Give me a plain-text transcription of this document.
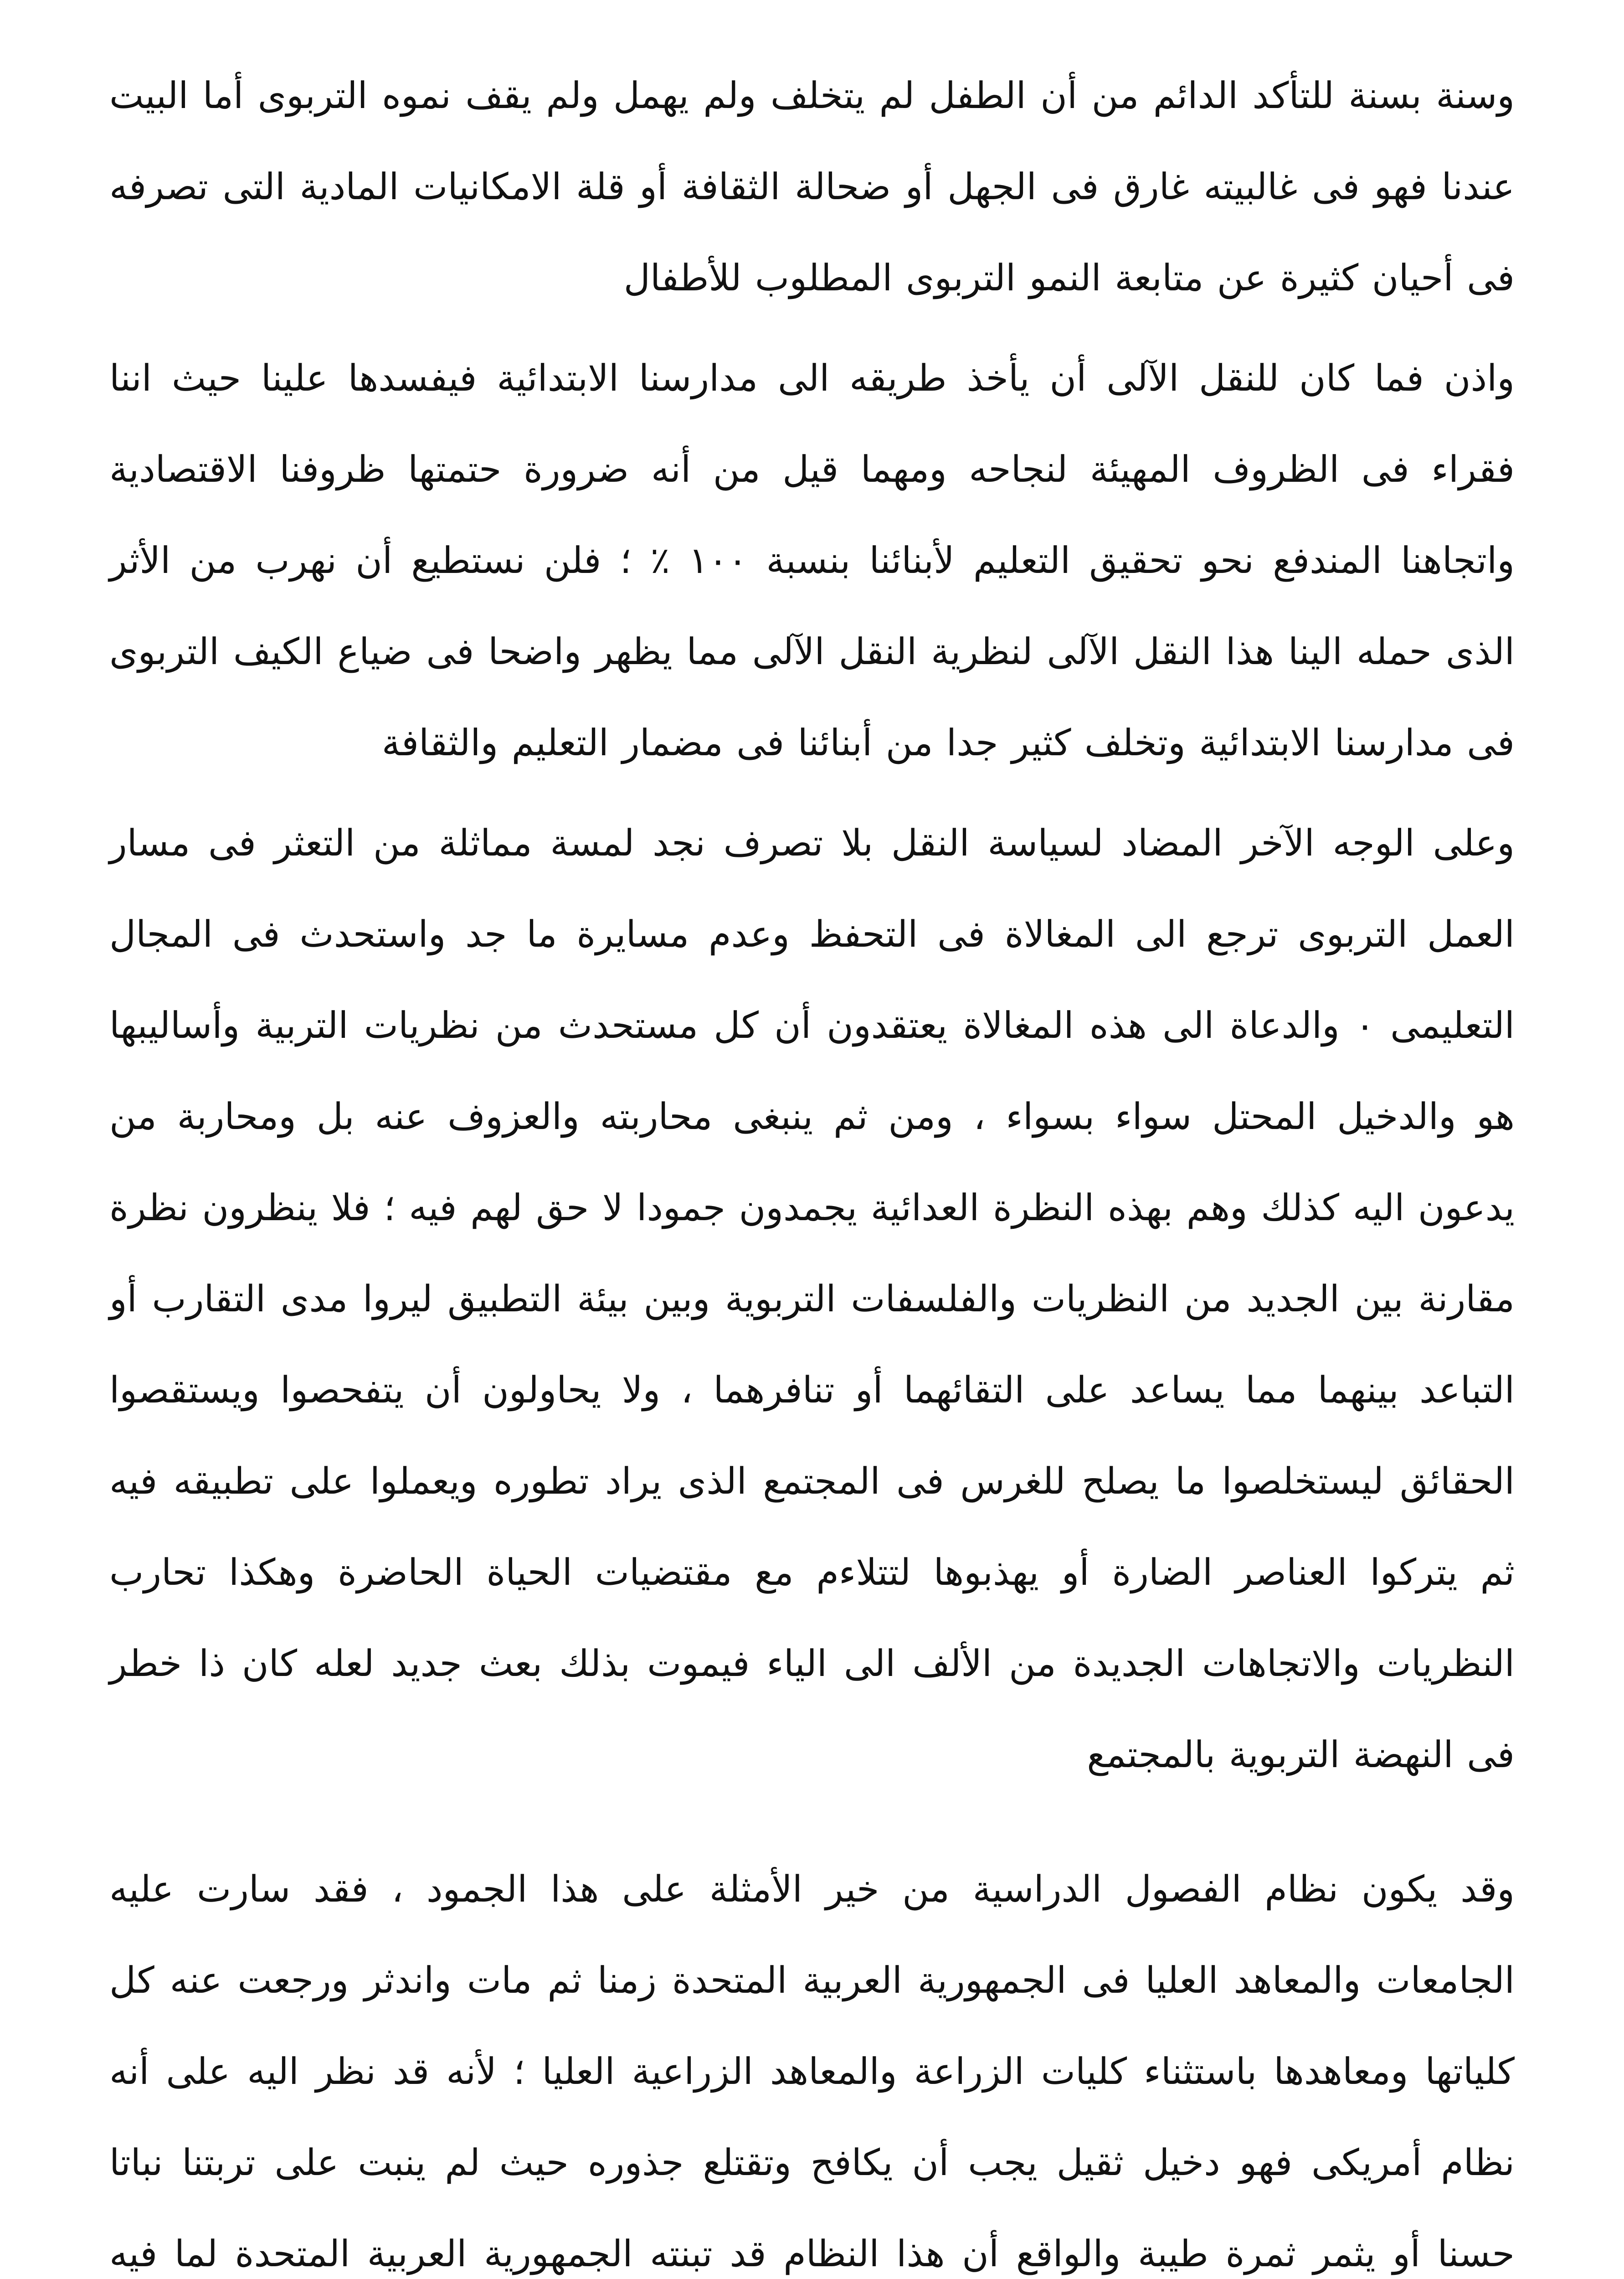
وسنة بسنة للتأكد الدائم من أن الطفل لم يتخلف ولم يهمل ولم يقف نموه التربوى أما البيت عندنا فهو فى غالبيته غارق فى الجهل أو ضحالة الثقافة أو قلة الامكانيات المادية التى تصرفه فى أحيان كثيرة عن متابعة النمو التربوى المطلوب للأطفال

واذن فما كان للنقل الآلى أن يأخذ طريقه الى مدارسنا الابتدائية فيفسدها علينا حيث اننا فقراء فى الظروف المهيئة لنجاحه ومهما قيل من أنه ضرورة حتمتها ظروفنا الاقتصادية واتجاهنا المندفع نحو تحقيق التعليم لأبنائنا بنسبة ١٠٠ ٪ ؛ فلن نستطيع أن نهرب من الأثر الذى حمله الينا هذا النقل الآلى لنظرية النقل الآلى مما يظهر واضحا فى ضياع الكيف التربوى فى مدارسنا الابتدائية وتخلف كثير جدا من أبنائنا فى مضمار التعليم والثقافة

وعلى الوجه الآخر المضاد لسياسة النقل بلا تصرف نجد لمسة مماثلة من التعثر فى مسار العمل التربوى ترجع الى المغالاة فى التحفظ وعدم مسايرة ما جد واستحدث فى المجال التعليمى ٠ والدعاة الى هذه المغالاة يعتقدون أن كل مستحدث من نظريات التربية وأساليبها هو والدخيل المحتل سواء بسواء ، ومن ثم ينبغى محاربته والعزوف عنه بل ومحاربة من يدعون اليه كذلك وهم بهذه النظرة العدائية يجمدون جمودا لا حق لهم فيه ؛ فلا ينظرون نظرة مقارنة بين الجديد من النظريات والفلسفات التربوية وبين بيئة التطبيق ليروا مدى التقارب أو التباعد بينهما مما يساعد على التقائهما أو تنافرهما ، ولا يحاولون أن يتفحصوا ويستقصوا الحقائق ليستخلصوا ما يصلح للغرس فى المجتمع الذى يراد تطوره ويعملوا على تطبيقه فيه ثم يتركوا العناصر الضارة أو يهذبوها لتتلاءم مع مقتضيات الحياة الحاضرة وهكذا تحارب النظريات والاتجاهات الجديدة من الألف الى الياء فيموت بذلك بعث جديد لعله كان ذا خطر فى النهضة التربوية بالمجتمع

وقد يكون نظام الفصول الدراسية من خير الأمثلة على هذا الجمود ، فقد سارت عليه الجامعات والمعاهد العليا فى الجمهورية العربية المتحدة زمنا ثم مات واندثر ورجعت عنه كل كلياتها ومعاهدها باستثناء كليات الزراعة والمعاهد الزراعية العليا ؛ لأنه قد نظر اليه على أنه نظام أمريكى فهو دخيل ثقيل يجب أن يكافح وتقتلع جذوره حيث لم ينبت على تربتنا نباتا حسنا أو يثمر ثمرة طيبة والواقع أن هذا النظام قد تبنته الجمهورية العربية المتحدة لما فيه
